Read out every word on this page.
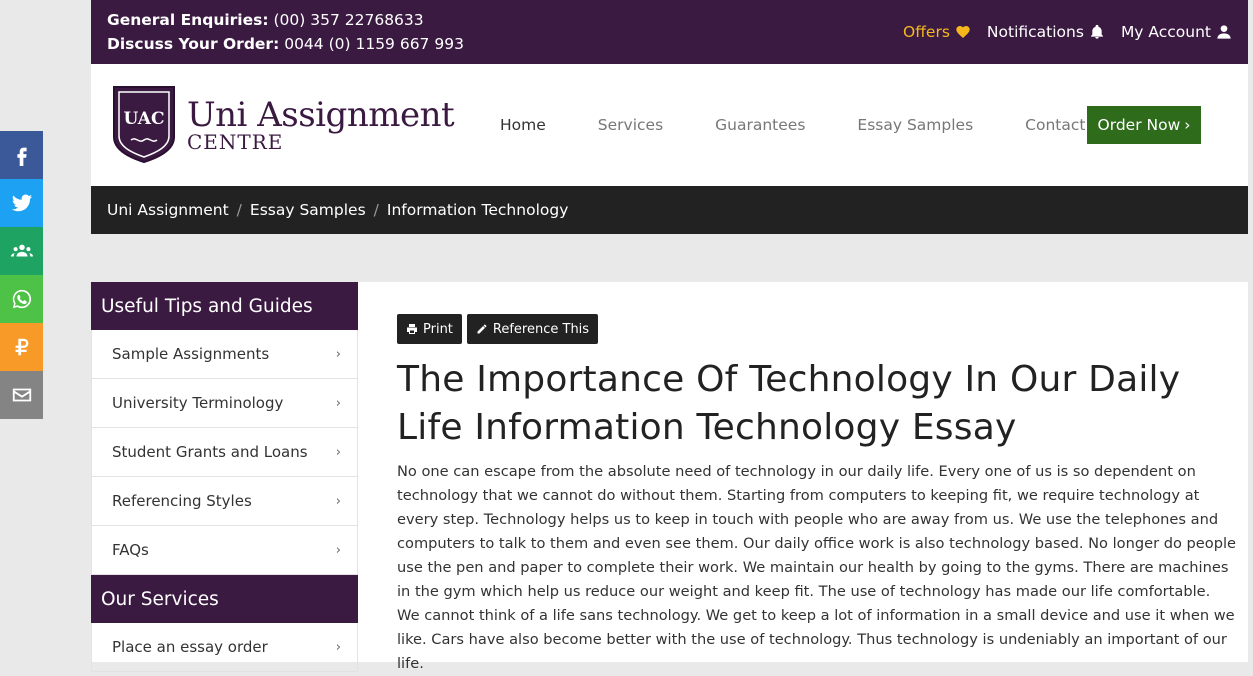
General Enquiries: (00) 357 22768633
Discuss Your Order: 0044 (0) 1159 667 993
Offers Notifications My Account
UAC Uni Assignment
CENTRE
Home	Services	Guarantees	Essay Samples	Contact Order Now ›
Uni Assignment / Essay Samples / Information Technology
Useful Tips and Guides
Sample Assignments	›
University Terminology	›
Student Grants and Loans ›
Referencing Styles	›
FAQs	›
Our Services
Place an essay order	›
Print	Reference This
The Importance Of Technology In Our Daily Life Information Technology Essay

No one can escape from the absolute need of technology in our daily life. Every one of us is so dependent on technology that we cannot do without them. Starting from computers to keeping fit, we require technology at every step. Technology helps us to keep in touch with people who are away from us. We use the telephones and computers to talk to them and even see them. Our daily office work is also technology based. No longer do people use the pen and paper to complete their work. We maintain our health by going to the gyms. There are machines in the gym which help us reduce our weight and keep fit. The use of technology has made our life comfortable. We cannot think of a life sans technology. We get to keep a lot of information in a small device and use it when we like. Cars have also become better with the use of technology. Thus technology is undeniably an important of our life.
